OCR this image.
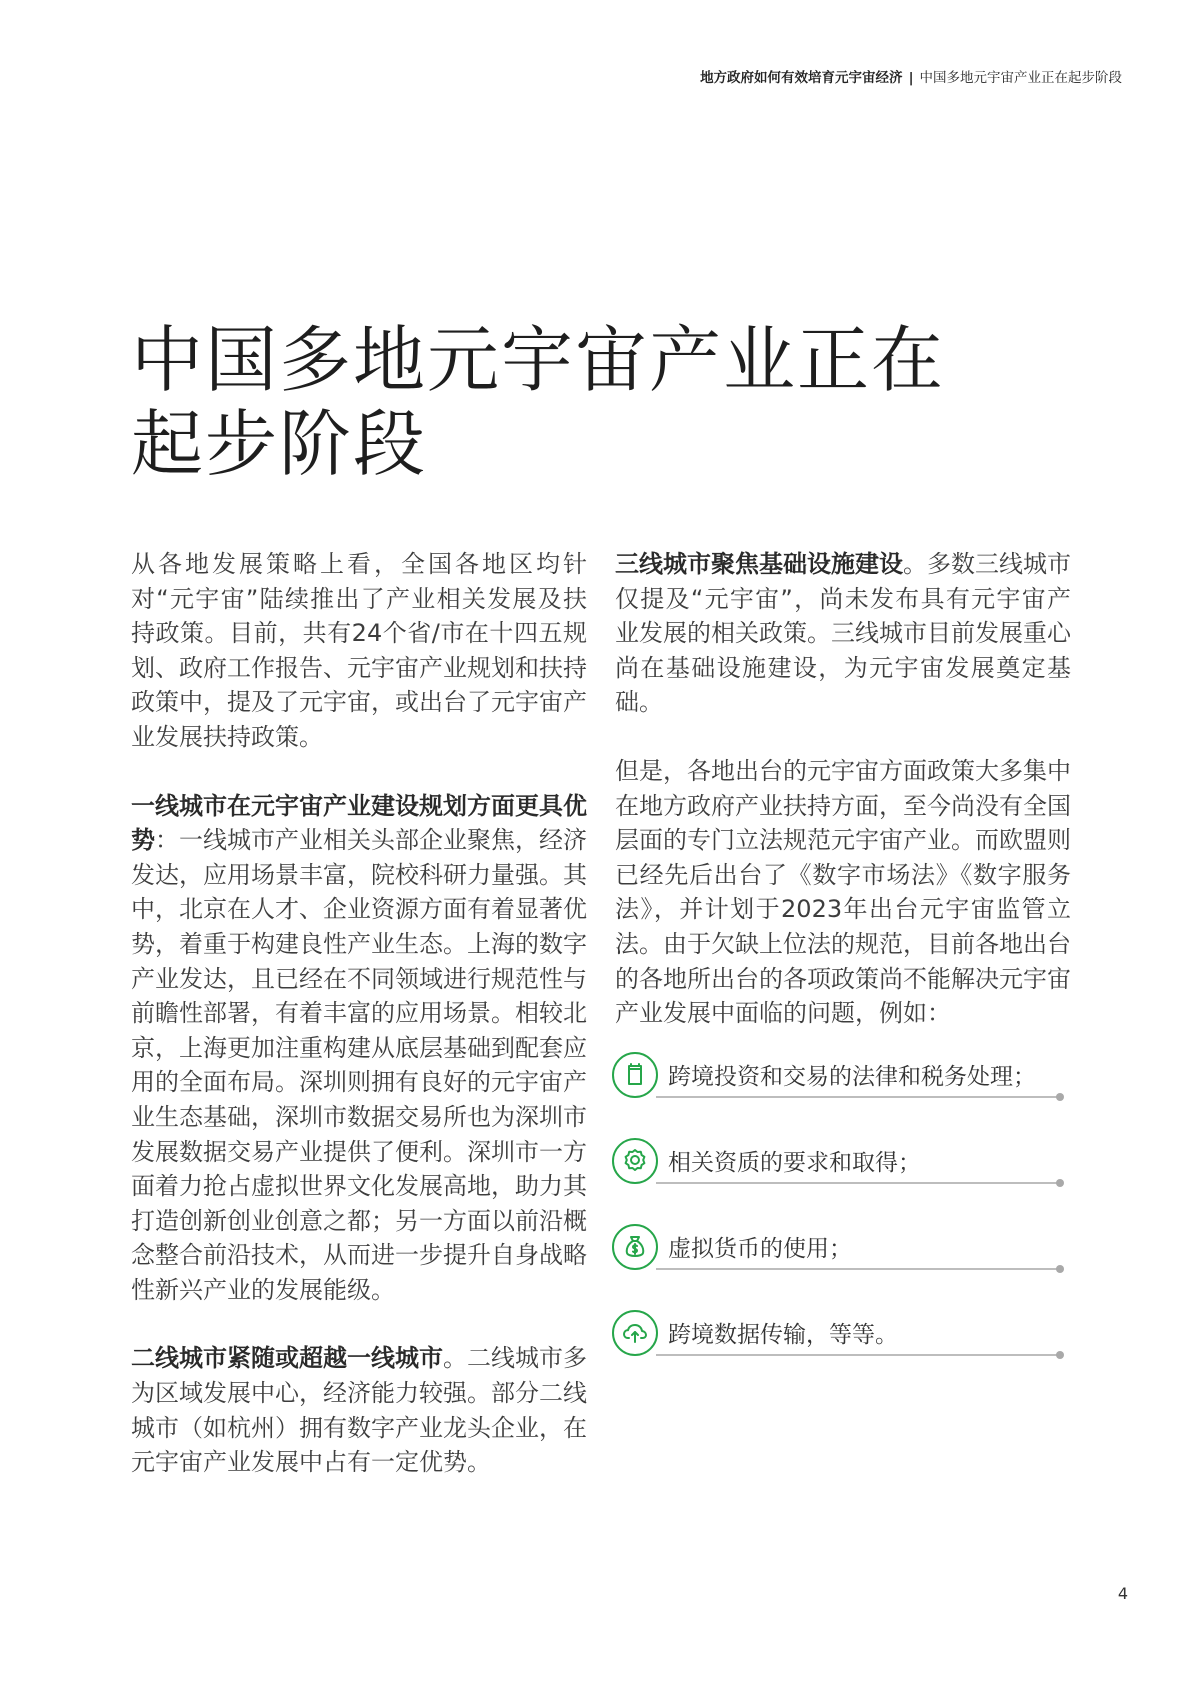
地方政府如何有效培育元宇宙经济 | 中国多地元宇宙产业正在起步阶段
中国多地元宇宙产业正在
起步阶段

从各地发展策略上看，全国各地区均针对“元宇宙”陆续推出了产业相关发展及扶持政策。目前，共有24个省/市在十四五规划、政府工作报告、元宇宙产业规划和扶持政策中，提及了元宇宙，或出台了元宇宙产业发展扶持政策。

一线城市在元宇宙产业建设规划方面更具优势：一线城市产业相关头部企业聚焦，经济发达，应用场景丰富，院校科研力量强。其中，北京在人才、企业资源方面有着显著优势，着重于构建良性产业生态。上海的数字产业发达，且已经在不同领域进行规范性与前瞻性部署，有着丰富的应用场景。相较北京，上海更加注重构建从底层基础到配套应用的全面布局。深圳则拥有良好的元宇宙产业生态基础，深圳市数据交易所也为深圳市发展数据交易产业提供了便利。深圳市一方面着力抢占虚拟世界文化发展高地，助力其打造创新创业创意之都；另一方面以前沿概念整合前沿技术，从而进一步提升自身战略性新兴产业的发展能级。

二线城市紧随或超越一线城市。二线城市多为区域发展中心，经济能力较强。部分二线城市（如杭州）拥有数字产业龙头企业，在元宇宙产业发展中占有一定优势。

三线城市聚焦基础设施建设。多数三线城市仅提及“元宇宙”，尚未发布具有元宇宙产业发展的相关政策。三线城市目前发展重心尚在基础设施建设，为元宇宙发展奠定基础。

但是，各地出台的元宇宙方面政策大多集中在地方政府产业扶持方面，至今尚没有全国层面的专门立法规范元宇宙产业。而欧盟则已经先后出台了《数字市场法》《数字服务法》，并计划于2023年出台元宇宙监管立法。由于欠缺上位法的规范，目前各地出台的各地所出台的各项政策尚不能解决元宇宙产业发展中面临的问题，例如：

跨境投资和交易的法律和税务处理；
相关资质的要求和取得；
虚拟货币的使用；
跨境数据传输，等等。
4
